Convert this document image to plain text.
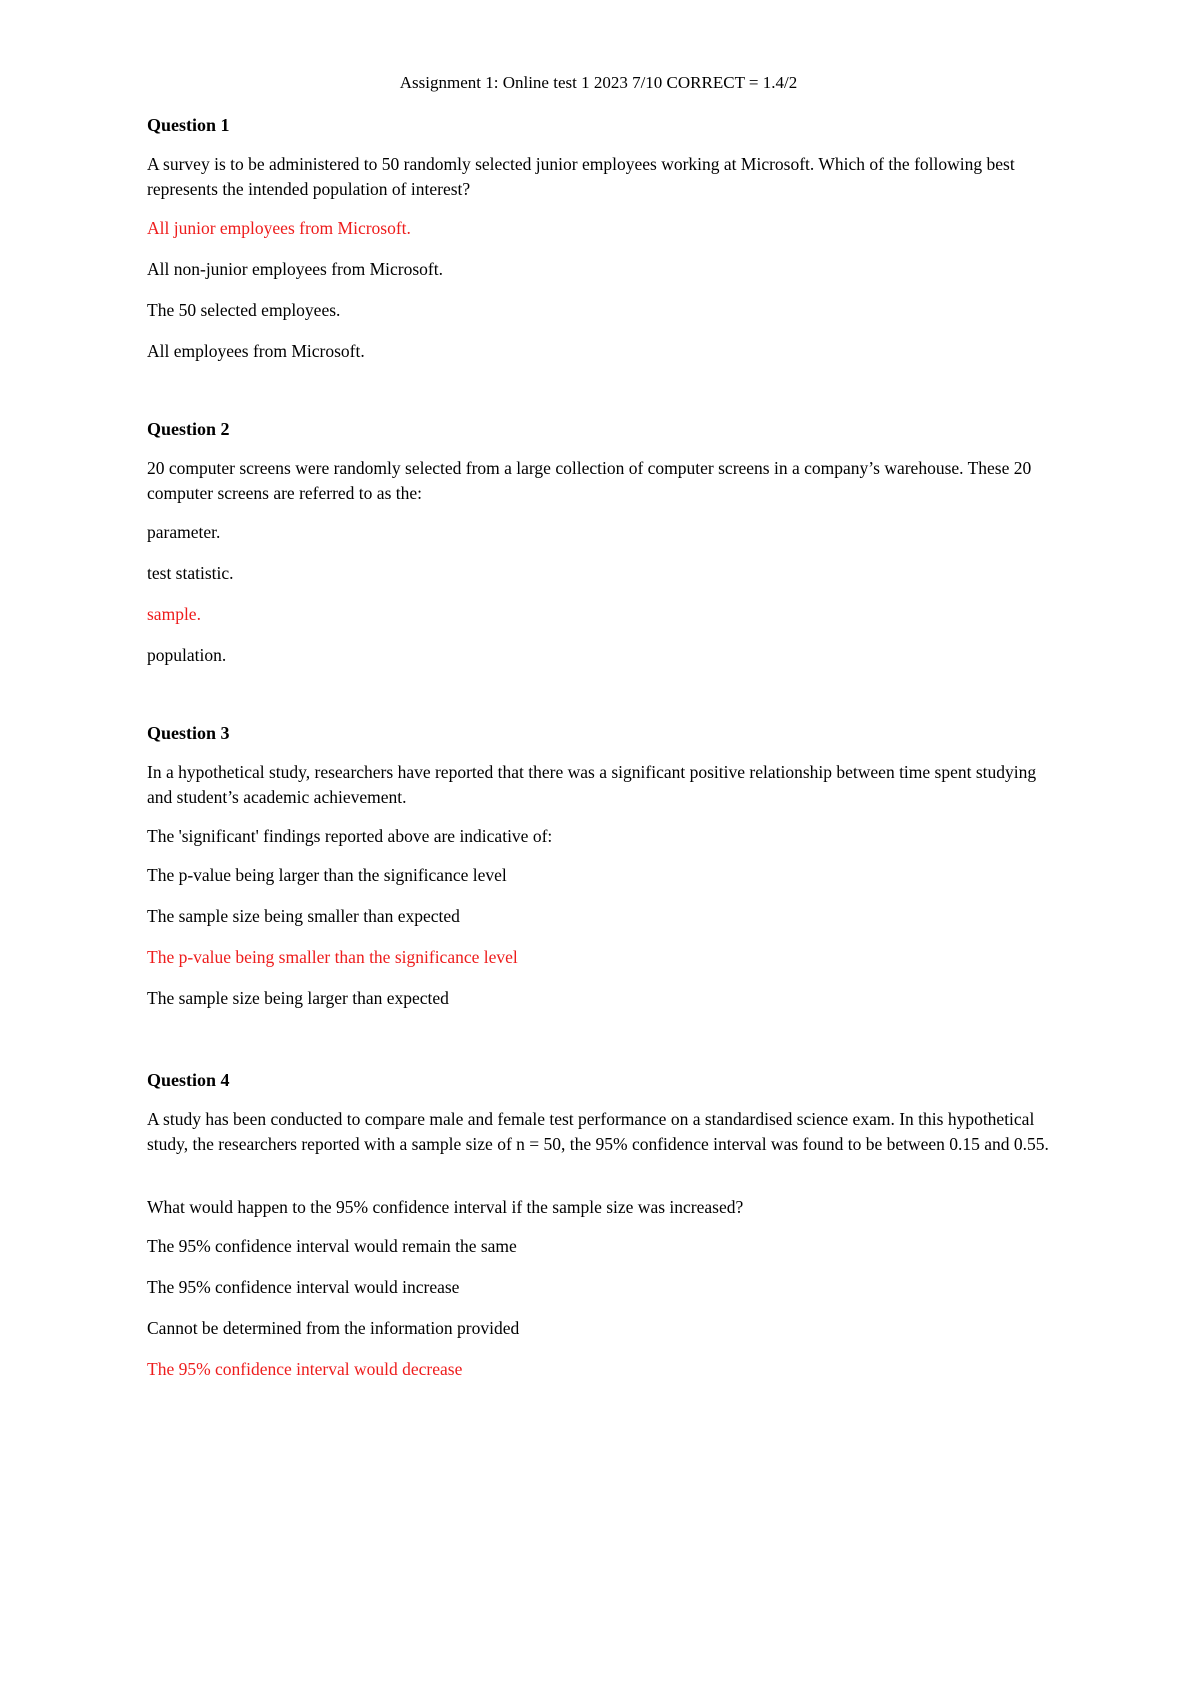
Assignment 1: Online test 1 2023 7/10 CORRECT = 1.4/2

Question 1

A survey is to be administered to 50 randomly selected junior employees working at Microsoft. Which of the following best represents the intended population of interest?

All junior employees from Microsoft.

All non-junior employees from Microsoft.

The 50 selected employees.

All employees from Microsoft.

Question 2

20 computer screens were randomly selected from a large collection of computer screens in a company’s warehouse. These 20 computer screens are referred to as the:

parameter.

test statistic.

sample.

population.

Question 3

In a hypothetical study, researchers have reported that there was a significant positive relationship between time spent studying and student’s academic achievement.

The 'significant' findings reported above are indicative of:

The p-value being larger than the significance level

The sample size being smaller than expected

The p-value being smaller than the significance level

The sample size being larger than expected

Question 4

A study has been conducted to compare male and female test performance on a standardised science exam. In this hypothetical study, the researchers reported with a sample size of n = 50, the 95% confidence interval was found to be between 0.15 and 0.55.

What would happen to the 95% confidence interval if the sample size was increased?

The 95% confidence interval would remain the same

The 95% confidence interval would increase

Cannot be determined from the information provided

The 95% confidence interval would decrease
